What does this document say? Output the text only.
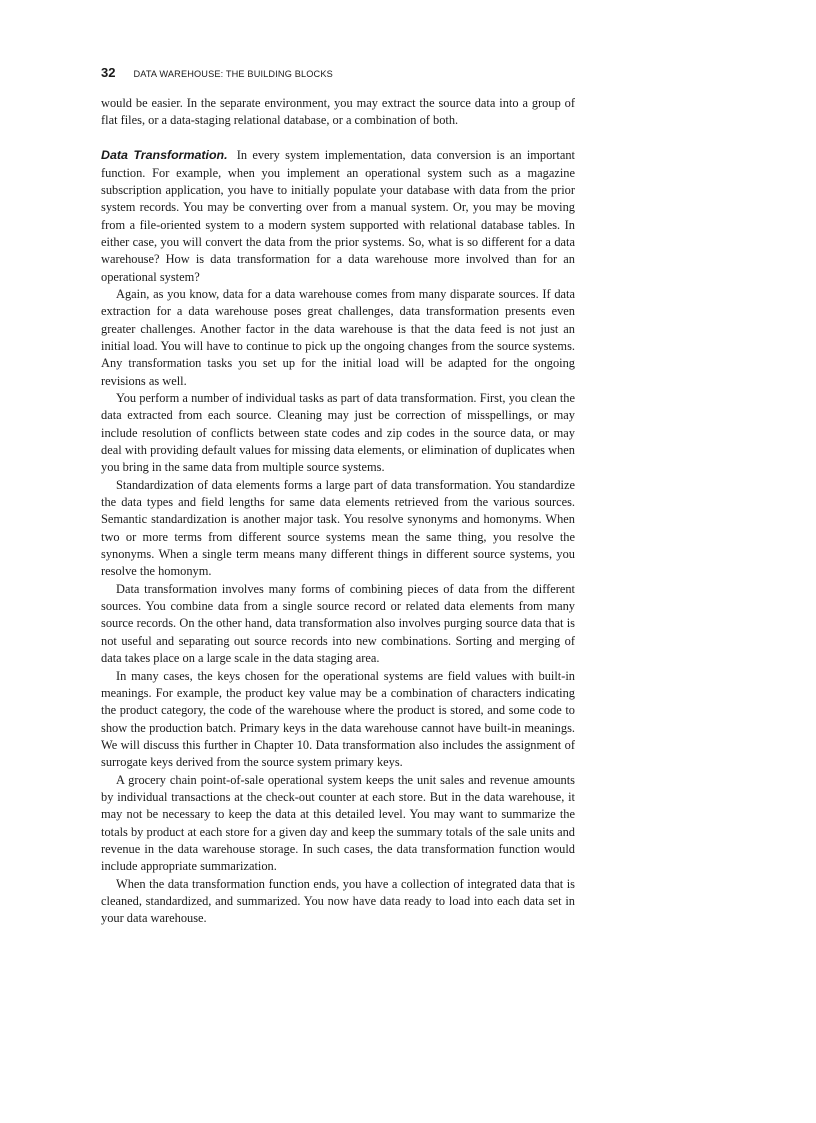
32 DATA WAREHOUSE: THE BUILDING BLOCKS

would be easier. In the separate environment, you may extract the source data into a group of flat files, or a data-staging relational database, or a combination of both.

Data Transformation. In every system implementation, data conversion is an important function. For example, when you implement an operational system such as a magazine subscription application, you have to initially populate your database with data from the prior system records. You may be converting over from a manual system. Or, you may be moving from a file-oriented system to a modern system supported with relational database tables. In either case, you will convert the data from the prior systems. So, what is so different for a data warehouse? How is data transformation for a data warehouse more involved than for an operational system?

Again, as you know, data for a data warehouse comes from many disparate sources. If data extraction for a data warehouse poses great challenges, data transformation presents even greater challenges. Another factor in the data warehouse is that the data feed is not just an initial load. You will have to continue to pick up the ongoing changes from the source systems. Any transformation tasks you set up for the initial load will be adapted for the ongoing revisions as well.

You perform a number of individual tasks as part of data transformation. First, you clean the data extracted from each source. Cleaning may just be correction of misspellings, or may include resolution of conflicts between state codes and zip codes in the source data, or may deal with providing default values for missing data elements, or elimination of duplicates when you bring in the same data from multiple source systems.

Standardization of data elements forms a large part of data transformation. You standardize the data types and field lengths for same data elements retrieved from the various sources. Semantic standardization is another major task. You resolve synonyms and homonyms. When two or more terms from different source systems mean the same thing, you resolve the synonyms. When a single term means many different things in different source systems, you resolve the homonym.

Data transformation involves many forms of combining pieces of data from the different sources. You combine data from a single source record or related data elements from many source records. On the other hand, data transformation also involves purging source data that is not useful and separating out source records into new combinations. Sorting and merging of data takes place on a large scale in the data staging area.

In many cases, the keys chosen for the operational systems are field values with built-in meanings. For example, the product key value may be a combination of characters indicating the product category, the code of the warehouse where the product is stored, and some code to show the production batch. Primary keys in the data warehouse cannot have built-in meanings. We will discuss this further in Chapter 10. Data transformation also includes the assignment of surrogate keys derived from the source system primary keys.

A grocery chain point-of-sale operational system keeps the unit sales and revenue amounts by individual transactions at the check-out counter at each store. But in the data warehouse, it may not be necessary to keep the data at this detailed level. You may want to summarize the totals by product at each store for a given day and keep the summary totals of the sale units and revenue in the data warehouse storage. In such cases, the data transformation function would include appropriate summarization.

When the data transformation function ends, you have a collection of integrated data that is cleaned, standardized, and summarized. You now have data ready to load into each data set in your data warehouse.
